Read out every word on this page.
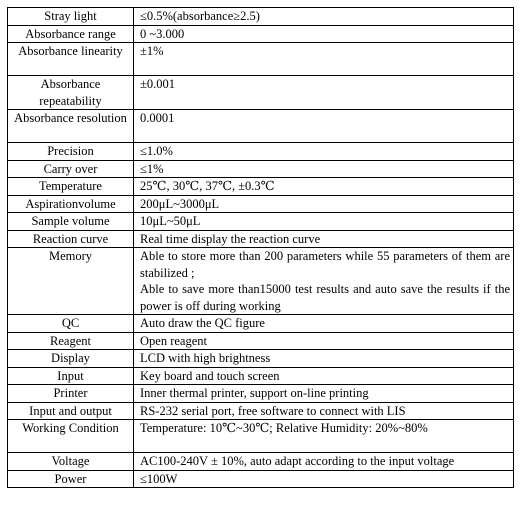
Stray light	≤0.5%(absorbance≥2.5)

Absorbance range	0 ~3.000

Absorbance linearity	±1%

Absorbance repeatability	±0.001

Absorbance resolution	0.0001

Precision	≤1.0%

Carry over	≤1%

Temperature	25℃, 30℃, 37℃, ±0.3℃

Aspirationvolume	200μL~3000μL

Sample volume	10μL~50μL

Reaction curve	Real time display the reaction curve

Memory	Able to store more than 200 parameters while 55 parameters of them are stabilized ;

Able to save more than15000 test results and auto save the results if the power is off during working

QC	Auto draw the QC figure

Reagent	Open reagent

Display	LCD with high brightness

Input	Key board and touch screen

Printer	Inner thermal printer, support on-line printing

Input and output	RS-232 serial port, free software to connect with LIS

Working Condition	Temperature: 10℃~30℃; Relative Humidity: 20%~80%

Voltage	AC100-240V ± 10%, auto adapt according to the input voltage

Power	≤100W
